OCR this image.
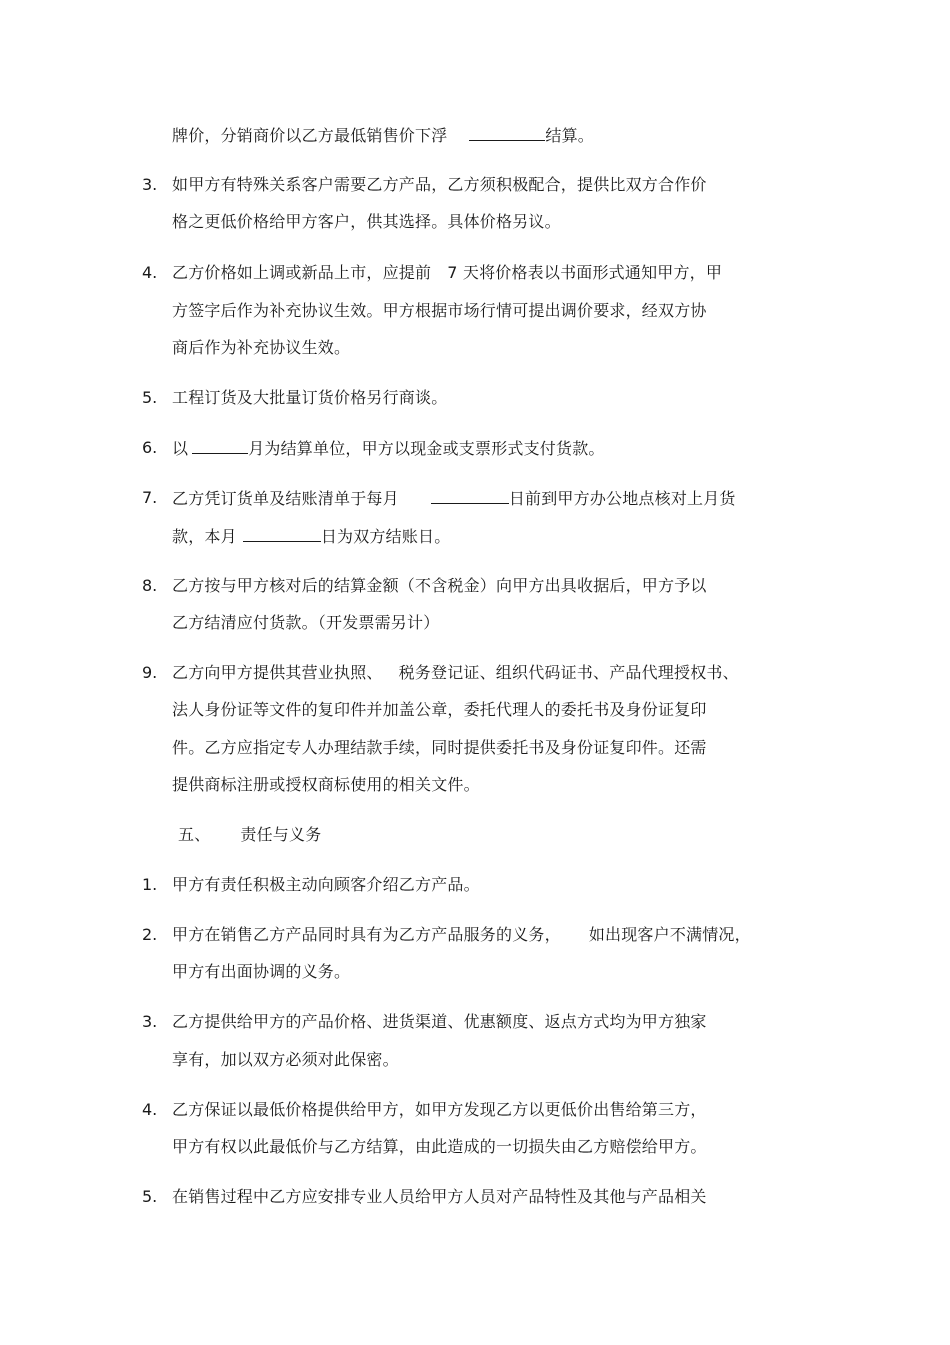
牌价，分销商价以乙方最低销售价下浮	结算。
3. 如甲方有特殊关系客户需要乙方产品，乙方须积极配合，提供比双方合作价
格之更低价格给甲方客户，供其选择。具体价格另议。
4. 乙方价格如上调或新品上市，应提前 7 天将价格表以书面形式通知甲方，甲
方签字后作为补充协议生效。甲方根据市场行情可提出调价要求，经双方协
商后作为补充协议生效。
5. 工程订货及大批量订货价格另行商谈。
6. 以	月为结算单位，甲方以现金或支票形式支付货款。
7. 乙方凭订货单及结账清单于每月	日前到甲方办公地点核对上月货
款，本月	日为双方结账日。
8. 乙方按与甲方核对后的结算金额（不含税金）向甲方出具收据后，甲方予以
乙方结清应付货款。（开发票需另计）
9. 乙方向甲方提供其营业执照、 税务登记证、组织代码证书、产品代理授权书、
法人身份证等文件的复印件并加盖公章，委托代理人的委托书及身份证复印
件。乙方应指定专人办理结款手续，同时提供委托书及身份证复印件。还需
提供商标注册或授权商标使用的相关文件。
五、 责任与义务
1. 甲方有责任积极主动向顾客介绍乙方产品。
2. 甲方在销售乙方产品同时具有为乙方产品服务的义务， 如出现客户不满情况，
甲方有出面协调的义务。
3. 乙方提供给甲方的产品价格、进货渠道、优惠额度、返点方式均为甲方独家
享有，加以双方必须对此保密。
4. 乙方保证以最低价格提供给甲方，如甲方发现乙方以更低价出售给第三方，
甲方有权以此最低价与乙方结算，由此造成的一切损失由乙方赔偿给甲方。
5. 在销售过程中乙方应安排专业人员给甲方人员对产品特性及其他与产品相关
